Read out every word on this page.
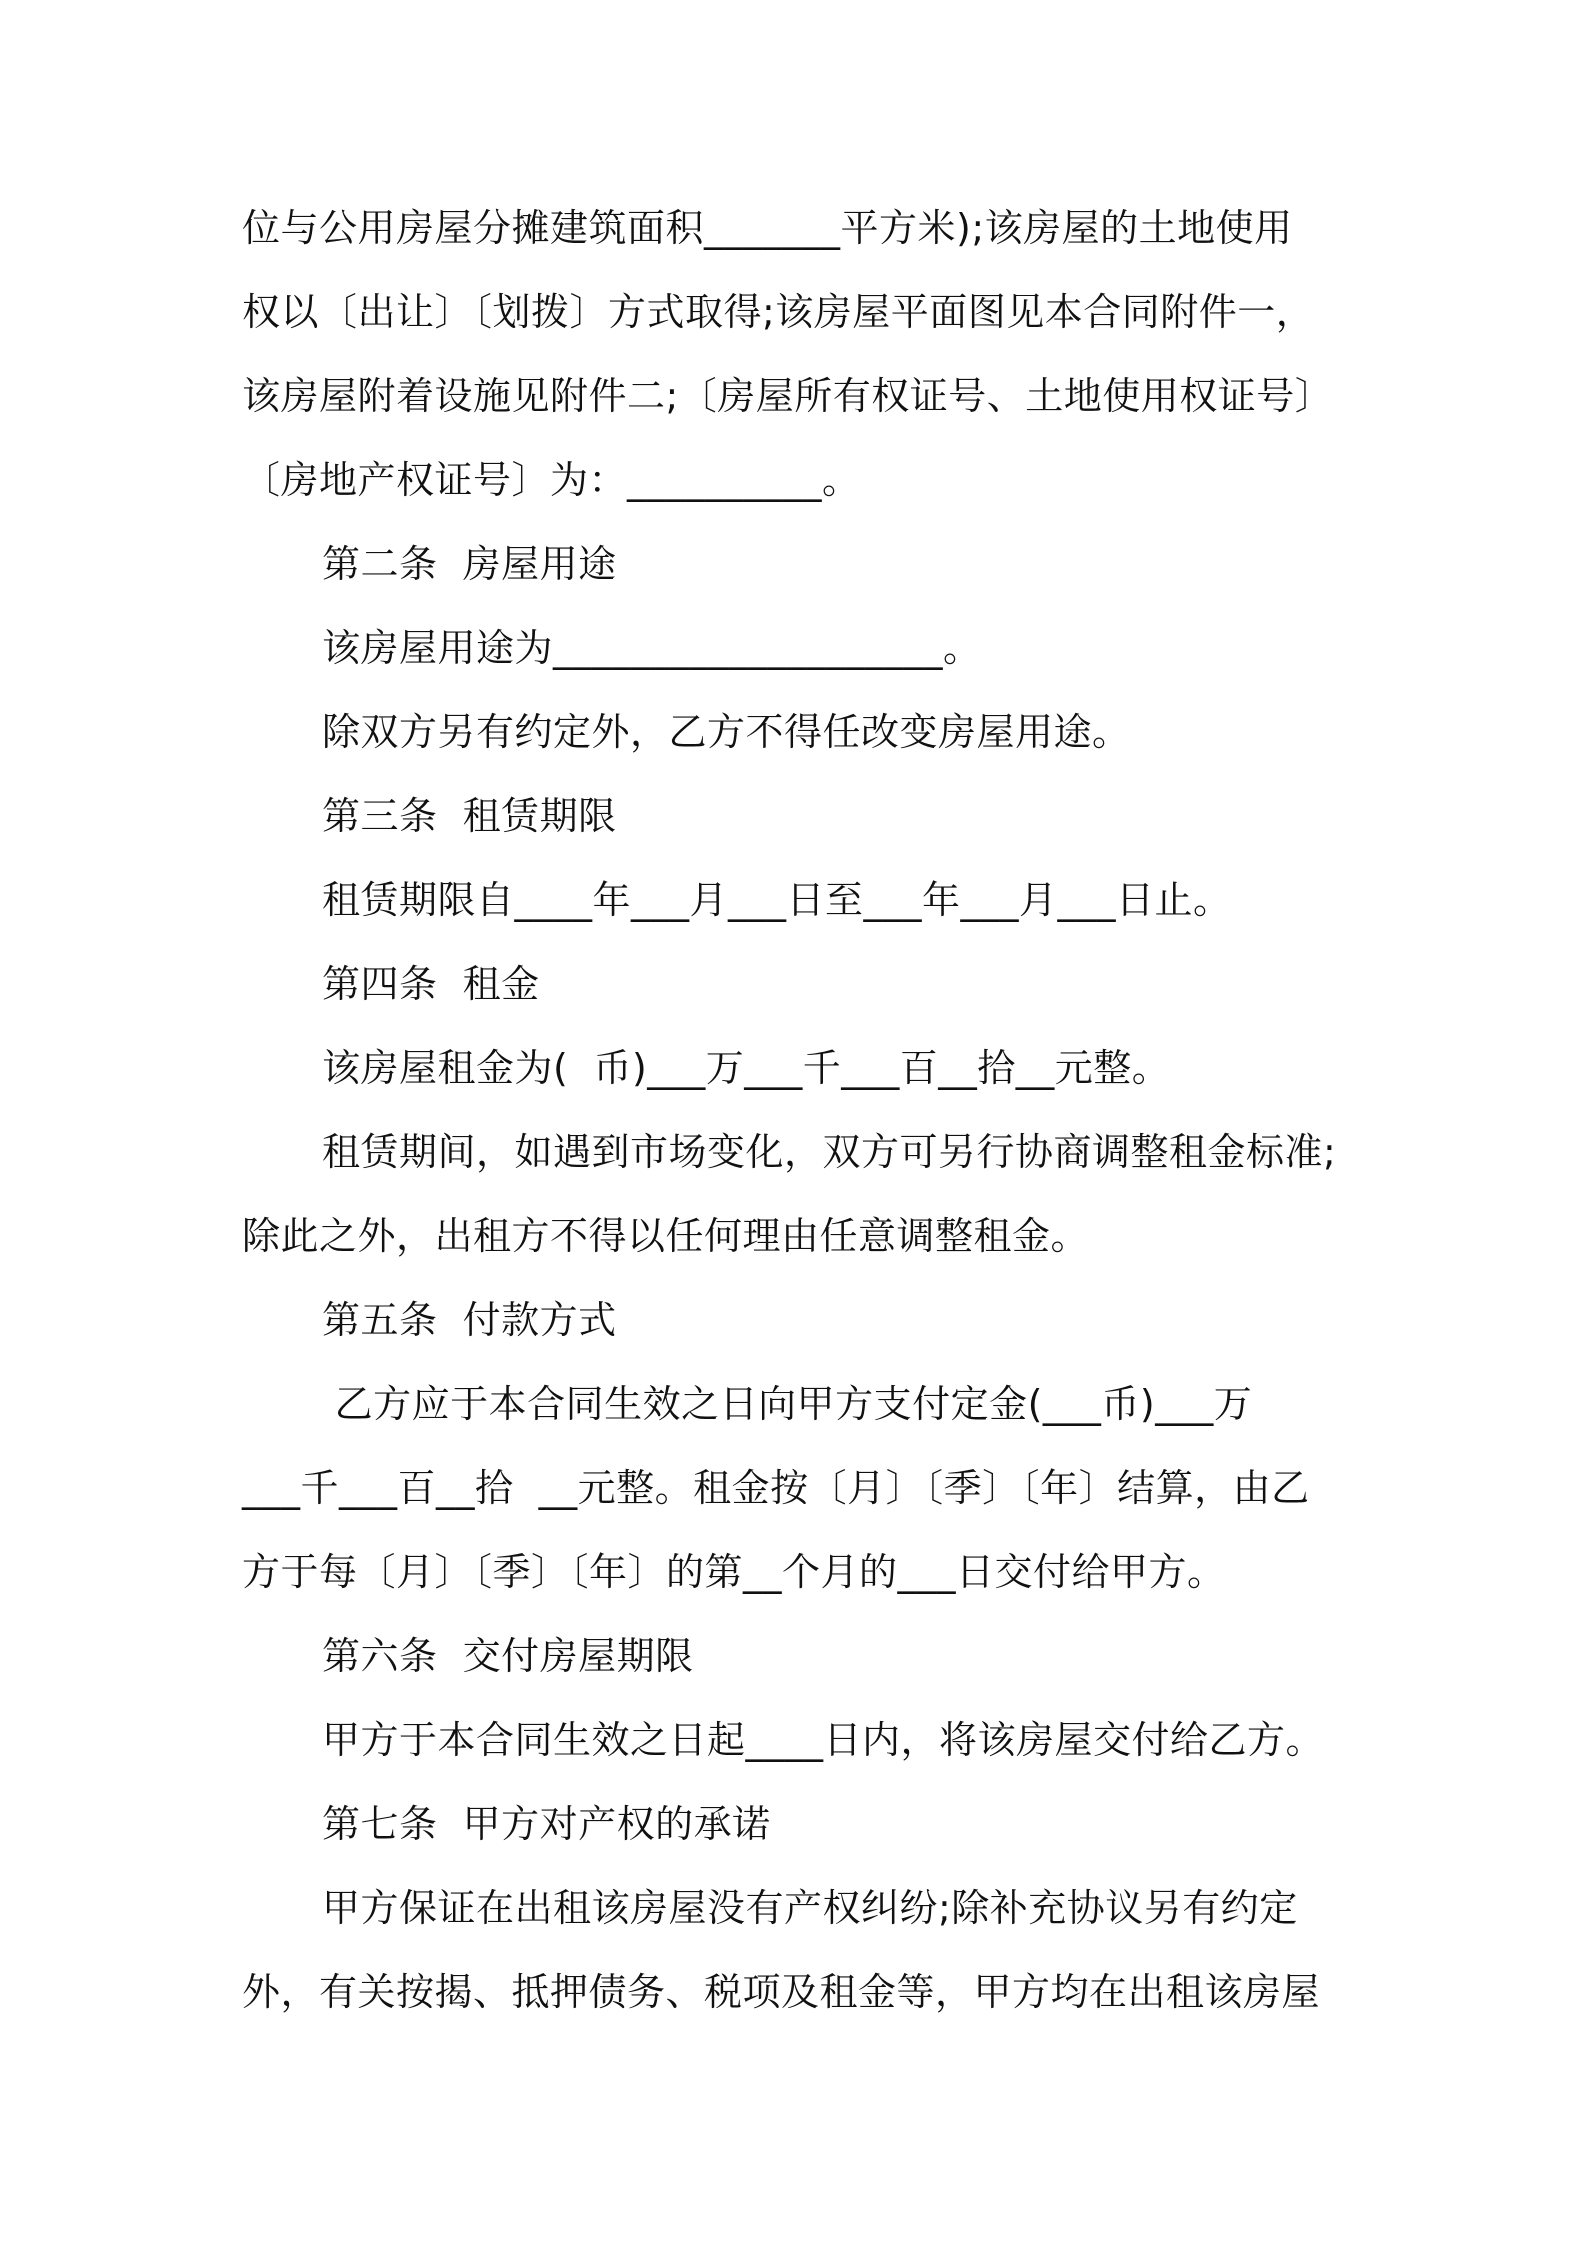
位与公用房屋分摊建筑面积_______平方米);该房屋的土地使用
权以〔出让〕〔划拨〕方式取得;该房屋平面图见本合同附件一，
该房屋附着设施见附件二;〔房屋所有权证号、土地使用权证号〕
〔房地产权证号〕为：__________。
第二条  房屋用途
该房屋用途为____________________。
除双方另有约定外，乙方不得任改变房屋用途。
第三条  租赁期限
租赁期限自____年___月___日至___年___月___日止。
第四条  租金
该房屋租金为(  币)___万___千___百__拾__元整。
租赁期间，如遇到市场变化，双方可另行协商调整租金标准;
除此之外，出租方不得以任何理由任意调整租金。
第五条  付款方式
乙方应于本合同生效之日向甲方支付定金(___币)___万
___千___百__拾  __元整。租金按〔月〕〔季〕〔年〕结算，由乙
方于每〔月〕〔季〕〔年〕的第__个月的___日交付给甲方。
第六条  交付房屋期限
甲方于本合同生效之日起____日内，将该房屋交付给乙方。
第七条  甲方对产权的承诺
甲方保证在出租该房屋没有产权纠纷;除补充协议另有约定
外，有关按揭、抵押债务、税项及租金等，甲方均在出租该房屋
